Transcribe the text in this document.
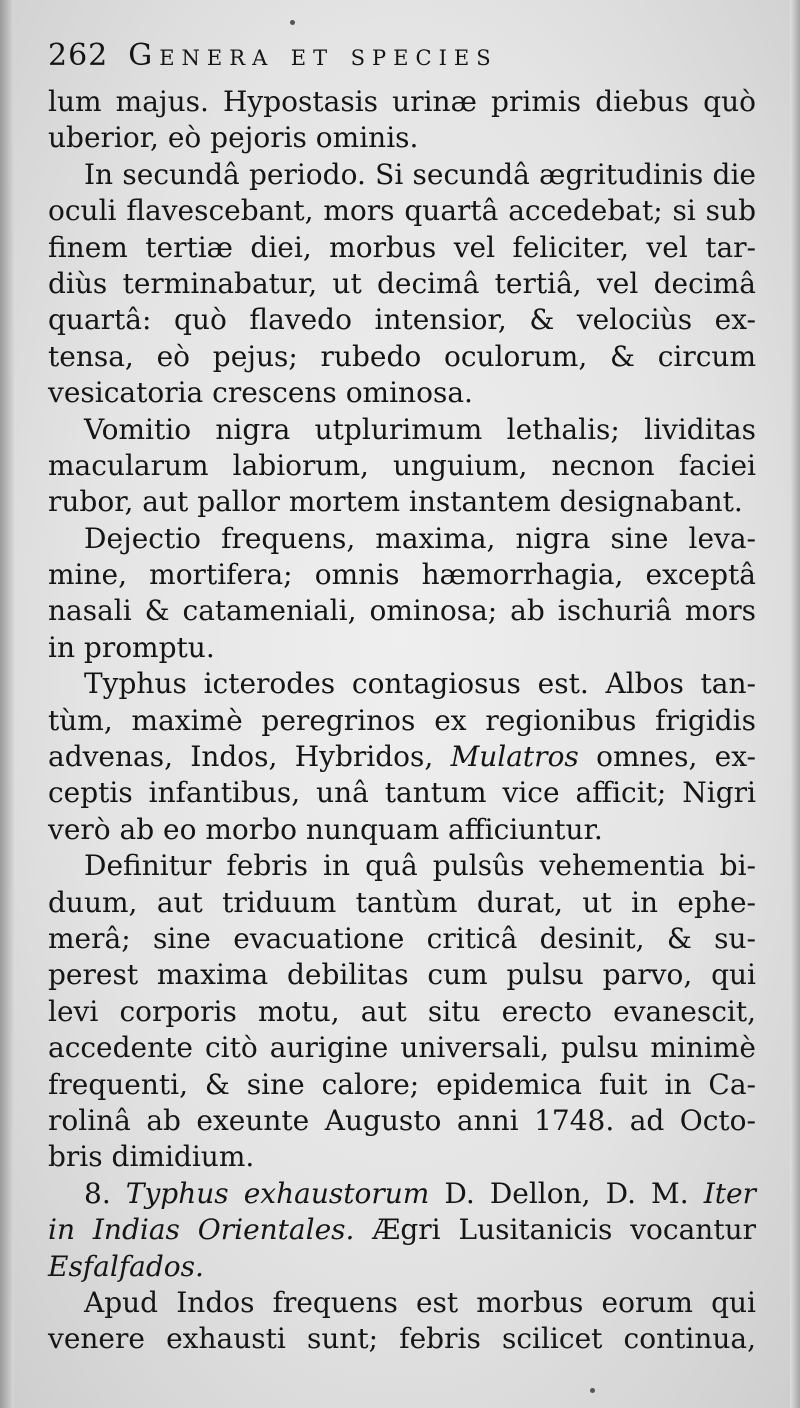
262 Genera et species
lum majus. Hypostasis urinæ primis diebus quò
uberior, eò pejoris ominis.
In secundâ periodo. Si secundâ ægritudinis die
oculi flavescebant, mors quartâ accedebat; si sub
finem tertiæ diei, morbus vel feliciter, vel tar-
diùs terminabatur, ut decimâ tertiâ, vel decimâ
quartâ: quò flavedo intensior, & velociùs ex-
tensa, eò pejus; rubedo oculorum, & circum
vesicatoria crescens ominosa.
Vomitio nigra utplurimum lethalis; lividitas
macularum labiorum, unguium, necnon faciei
rubor, aut pallor mortem instantem designabant.
Dejectio frequens, maxima, nigra sine leva-
mine, mortifera; omnis hæmorrhagia, exceptâ
nasali & catameniali, ominosa; ab ischuriâ mors
in promptu.
Typhus icterodes contagiosus est. Albos tan-
tùm, maximè peregrinos ex regionibus frigidis
advenas, Indos, Hybridos, Mulatros omnes, ex-
ceptis infantibus, unâ tantum vice afficit; Nigri
verò ab eo morbo nunquam afficiuntur.
Definitur febris in quâ pulsûs vehementia bi-
duum, aut triduum tantùm durat, ut in ephe-
merâ; sine evacuatione criticâ desinit, & su-
perest maxima debilitas cum pulsu parvo, qui
levi corporis motu, aut situ erecto evanescit,
accedente citò aurigine universali, pulsu minimè
frequenti, & sine calore; epidemica fuit in Ca-
rolinâ ab exeunte Augusto anni 1748. ad Octo-
bris dimidium.
8. Typhus exhaustorum D. Dellon, D. M. Iter
in Indias Orientales. Ægri Lusitanicis vocantur
Esfalfados.
Apud Indos frequens est morbus eorum qui
venere exhausti sunt; febris scilicet continua,
